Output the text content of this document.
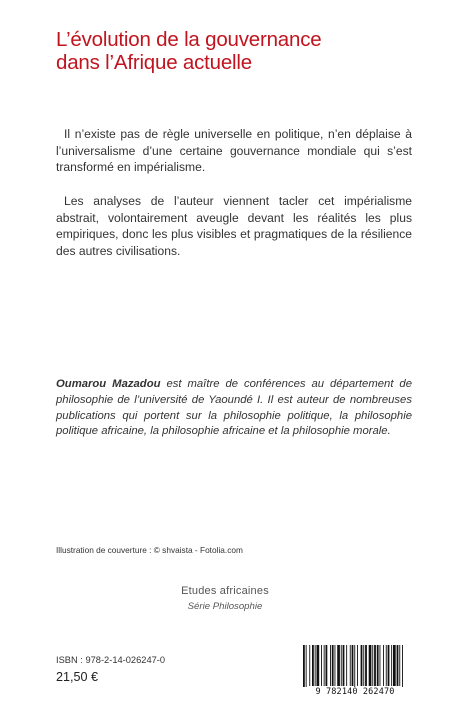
L’évolution de la gouvernance
dans l’Afrique actuelle

Il n’existe pas de règle universelle en politique, n’en déplaise à l’universalisme d’une certaine gouvernance mondiale qui s’est transformé en impérialisme.

Les analyses de l’auteur viennent tacler cet impérialisme abstrait, volontairement aveugle devant les réalités les plus empiriques, donc les plus visibles et pragmatiques de la résilience des autres civilisations.

Oumarou Mazadou est maître de conférences au département de philosophie de l’université de Yaoundé I. Il est auteur de nombreuses publications qui portent sur la philosophie politique, la philosophie politique africaine, la philosophie africaine et la philosophie morale.

Illustration de couverture : © shvaista - Fotolia.com
Etudes africaines
Série Philosophie
ISBN : 978-2-14-026247-0
21,50 €
9 782140 262470
